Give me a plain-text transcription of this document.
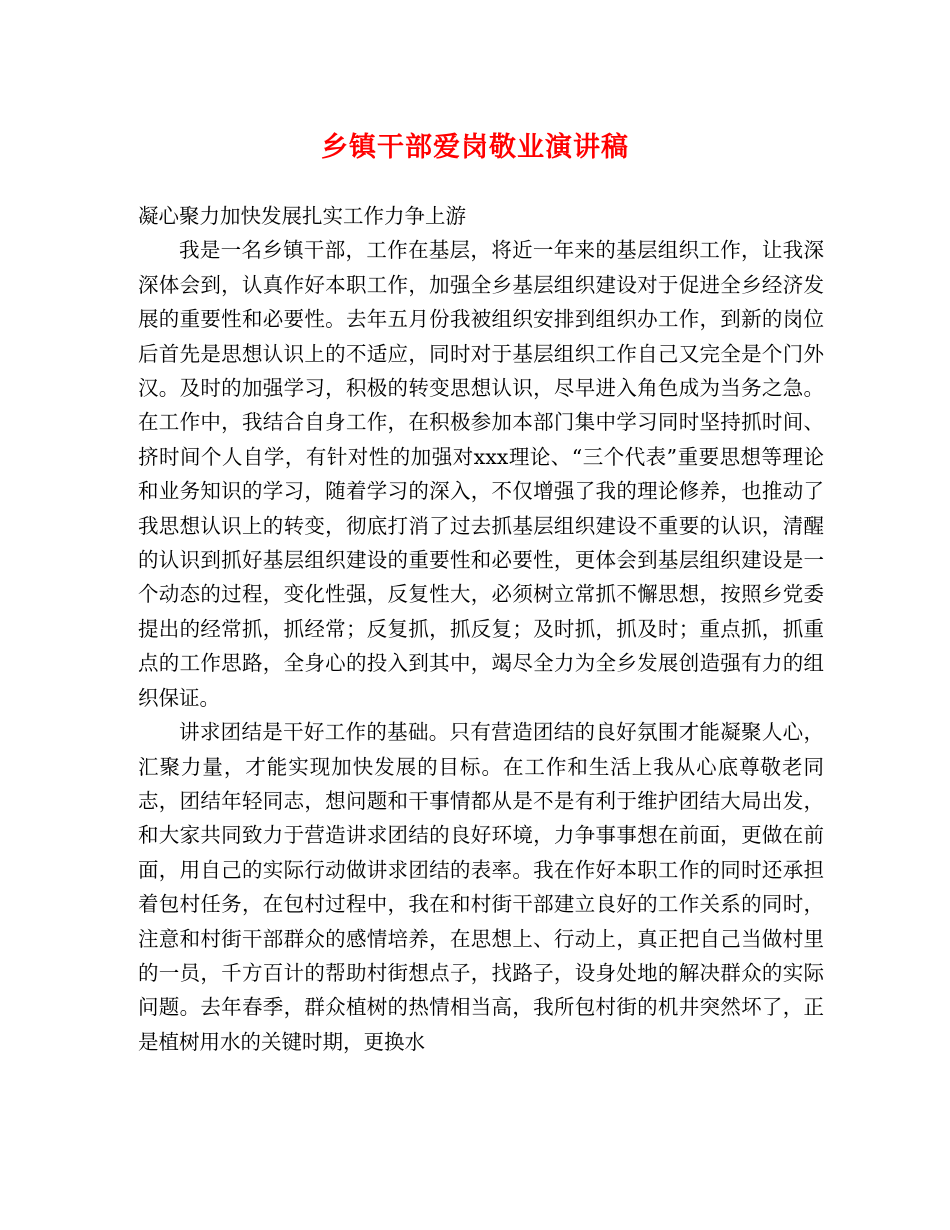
乡镇干部爱岗敬业演讲稿

凝心聚力加快发展扎实工作力争上游

我是一名乡镇干部，工作在基层，将近一年来的基层组织工作，让我深深体会到，认真作好本职工作，加强全乡基层组织建设对于促进全乡经济发展的重要性和必要性。去年五月份我被组织安排到组织办工作，到新的岗位后首先是思想认识上的不适应，同时对于基层组织工作自己又完全是个门外汉。及时的加强学习，积极的转变思想认识，尽早进入角色成为当务之急。在工作中，我结合自身工作，在积极参加本部门集中学习同时坚持抓时间、挤时间个人自学，有针对性的加强对xxx理论、“三个代表”重要思想等理论和业务知识的学习，随着学习的深入，不仅增强了我的理论修养，也推动了我思想认识上的转变，彻底打消了过去抓基层组织建设不重要的认识，清醒的认识到抓好基层组织建设的重要性和必要性，更体会到基层组织建设是一个动态的过程，变化性强，反复性大，必须树立常抓不懈思想，按照乡党委提出的经常抓，抓经常；反复抓，抓反复；及时抓，抓及时；重点抓，抓重点的工作思路，全身心的投入到其中，竭尽全力为全乡发展创造强有力的组织保证。

讲求团结是干好工作的基础。只有营造团结的良好氛围才能凝聚人心，汇聚力量，才能实现加快发展的目标。在工作和生活上我从心底尊敬老同志，团结年轻同志，想问题和干事情都从是不是有利于维护团结大局出发，和大家共同致力于营造讲求团结的良好环境，力争事事想在前面，更做在前面，用自己的实际行动做讲求团结的表率。我在作好本职工作的同时还承担着包村任务，在包村过程中，我在和村街干部建立良好的工作关系的同时，注意和村街干部群众的感情培养，在思想上、行动上，真正把自己当做村里的一员，千方百计的帮助村街想点子，找路子，设身处地的解决群众的实际问题。去年春季，群众植树的热情相当高，我所包村街的机井突然坏了，正是植树用水的关键时期，更换水
